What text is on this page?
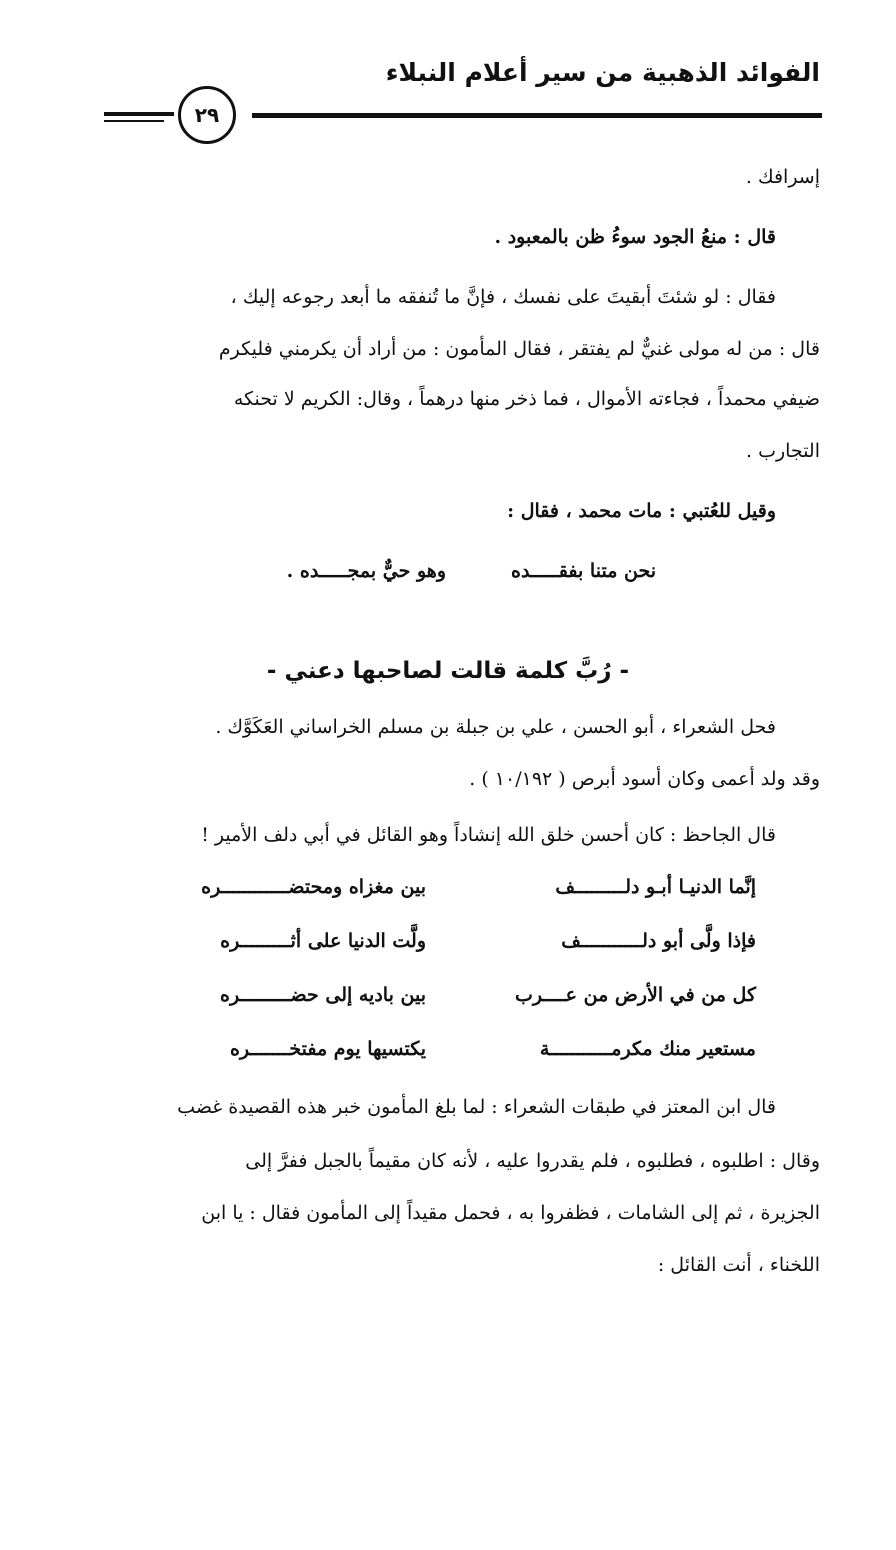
الفوائد الذهبية من سير أعلام النبلاء
٢٩
إسرافك .
قال : منعُ الجود سوءُ ظن بالمعبود .
فقال : لو شئتَ أبقيتَ على نفسك ، فإنَّ ما تُنفقه ما أبعد رجوعه إليك ،
قال : من له مولى غنيٌّ لم يفتقر ، فقال المأمون : من أراد أن يكرمني فليكرم
ضيفي محمداً ، فجاءته الأموال ، فما ذخر منها درهماً ، وقال: الكريم لا تحنكه
التجارب .
وقيل للعُتبي : مات محمد ، فقال :
نحن متنا بفقـــــده
وهو حيٌّ بمجـــــده .
- رُبَّ كلمة قالت لصاحبها دعني -
فحل الشعراء ، أبو الحسن ، علي بن جبلة بن مسلم الخراساني العَكَوَّك .
وقد ولد أعمى وكان أسود أبرص ( ١٠/١٩٢ ) .
قال الجاحظ : كان أحسن خلق الله إنشاداً وهو القائل في أبي دلف الأمير !
إنَّما الدنيـا أبـو دلـــــــــف
بين مغزاه ومحتضــــــــــــره
فإذا ولَّى أبو دلـــــــــــف
ولَّت الدنيا على أثـــــــــره
كل من في الأرض من عــــرب
بين باديه إلى حضـــــــــره
مستعير منك مكرمـــــــــــة
يكتسيها يوم مفتخـــــــره
قال ابن المعتز في طبقات الشعراء : لما بلغ المأمون خبر هذه القصيدة غضب
وقال : اطلبوه ، فطلبوه ، فلم يقدروا عليه ، لأنه كان مقيماً بالجبل ففرَّ إلى
الجزيرة ، ثم إلى الشامات ، فظفروا به ، فحمل مقيداً إلى المأمون فقال : يا ابن
اللخناء ، أنت القائل :
